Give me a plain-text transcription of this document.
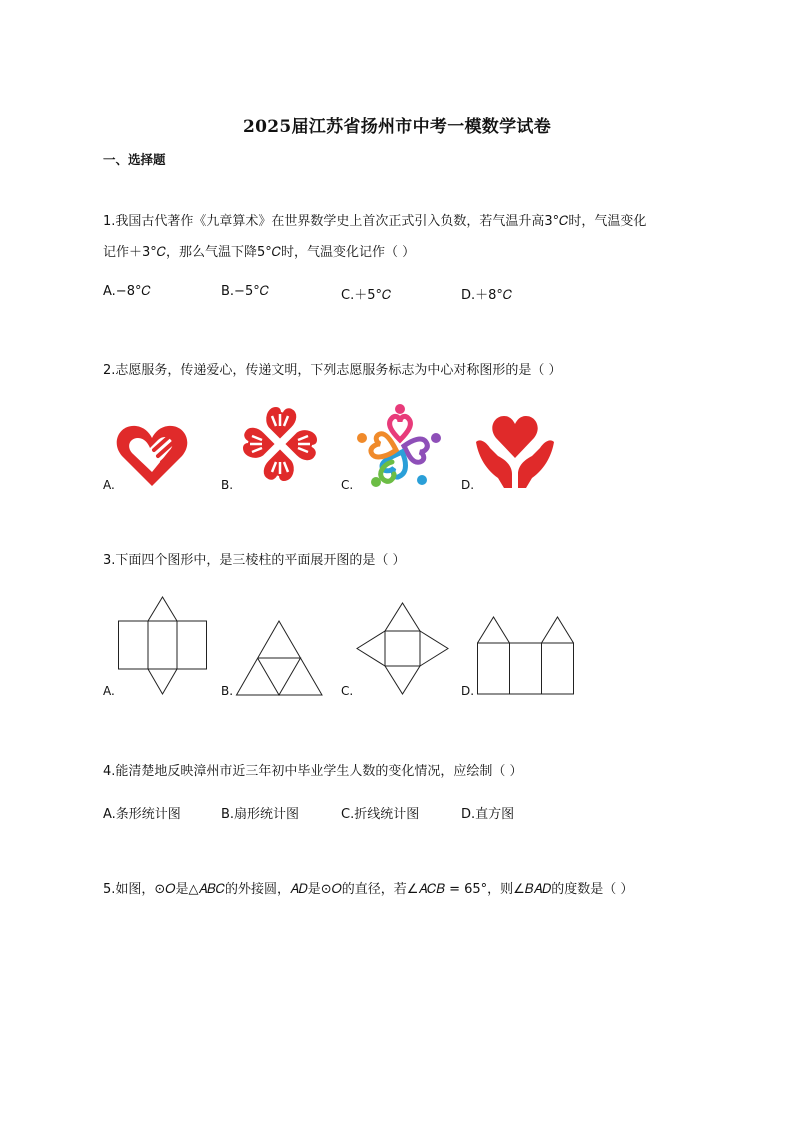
2025届江苏省扬州市中考一模数学试卷
一、选择题
1.我国古代著作《九章算术》在世界数学史上首次正式引入负数，若气温升高3°𝐶时，气温变化
记作＋3°𝐶，那么气温下降5°𝐶时，气温变化记作（ ）
A.−8°𝐶	B.−5°𝐶	C.＋5°𝐶	D.＋8°𝐶
2.志愿服务，传递爱心，传递文明，下列志愿服务标志为中心对称图形的是（ ）
A.	B.	C.	D.
3.下面四个图形中，是三棱柱的平面展开图的是（ ）
A.	B.	C.	D.
4.能清楚地反映漳州市近三年初中毕业学生人数的变化情况，应绘制（ ）
A.条形统计图	B.扇形统计图	C.折线统计图	D.直方图
5.如图，⊙𝑂是△𝐴𝐵𝐶的外接圆，𝐴𝐷是⊙𝑂的直径，若∠𝐴𝐶𝐵 = 65°，则∠𝐵𝐴𝐷的度数是（ ）
